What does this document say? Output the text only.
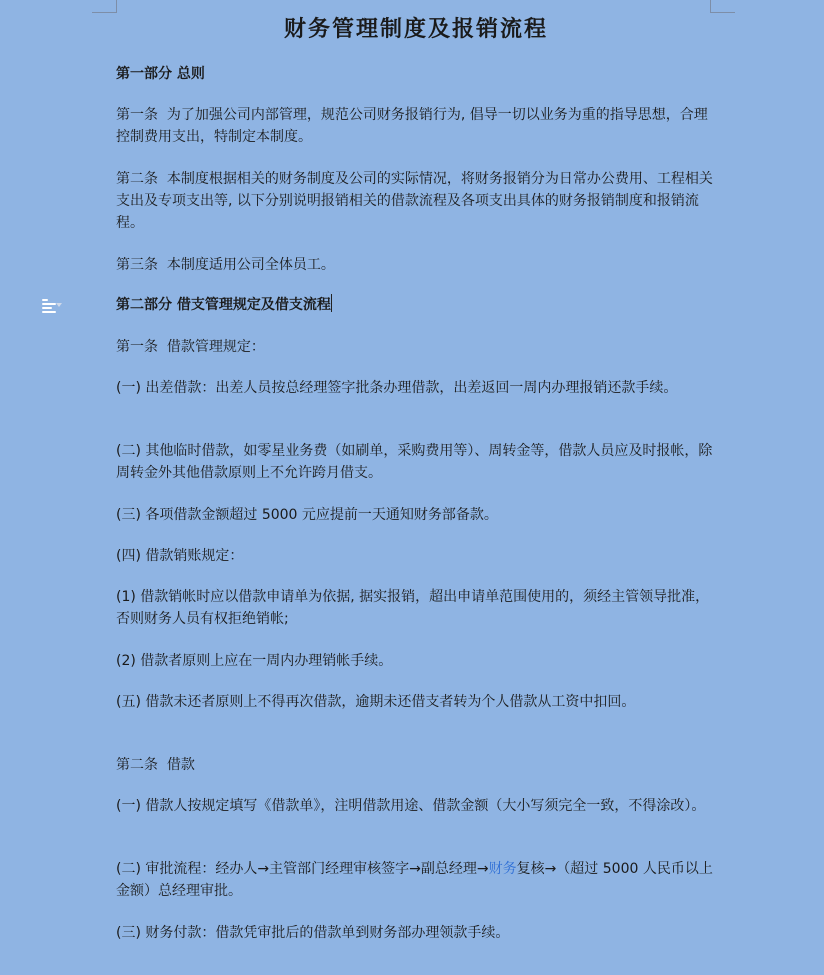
财务管理制度及报销流程

第一部分 总则

第一条  为了加强公司内部管理，规范公司财务报销行为, 倡导一切以业务为重的指导思想，合理控制费用支出，特制定本制度。

第二条  本制度根据相关的财务制度及公司的实际情况，将财务报销分为日常办公费用、工程相关支出及专项支出等, 以下分别说明报销相关的借款流程及各项支出具体的财务报销制度和报销流程。

第三条  本制度适用公司全体员工。

第二部分 借支管理规定及借支流程

第一条  借款管理规定：

(一) 出差借款：出差人员按总经理签字批条办理借款，出差返回一周内办理报销还款手续。

(二) 其他临时借款，如零星业务费（如刷单，采购费用等）、周转金等，借款人员应及时报帐，除周转金外其他借款原则上不允许跨月借支。

(三) 各项借款金额超过 5000 元应提前一天通知财务部备款。

(四) 借款销账规定：

(1) 借款销帐时应以借款申请单为依据, 据实报销，超出申请单范围使用的，须经主管领导批准，否则财务人员有权拒绝销帐;

(2) 借款者原则上应在一周内办理销帐手续。

(五) 借款未还者原则上不得再次借款，逾期未还借支者转为个人借款从工资中扣回。

第二条  借款

(一) 借款人按规定填写《借款单》，注明借款用途、借款金额（大小写须完全一致，不得涂改）。

(二) 审批流程：经办人→主管部门经理审核签字→副总经理→财务复核→（超过 5000 人民币以上金额）总经理审批。

(三) 财务付款：借款凭审批后的借款单到财务部办理领款手续。
